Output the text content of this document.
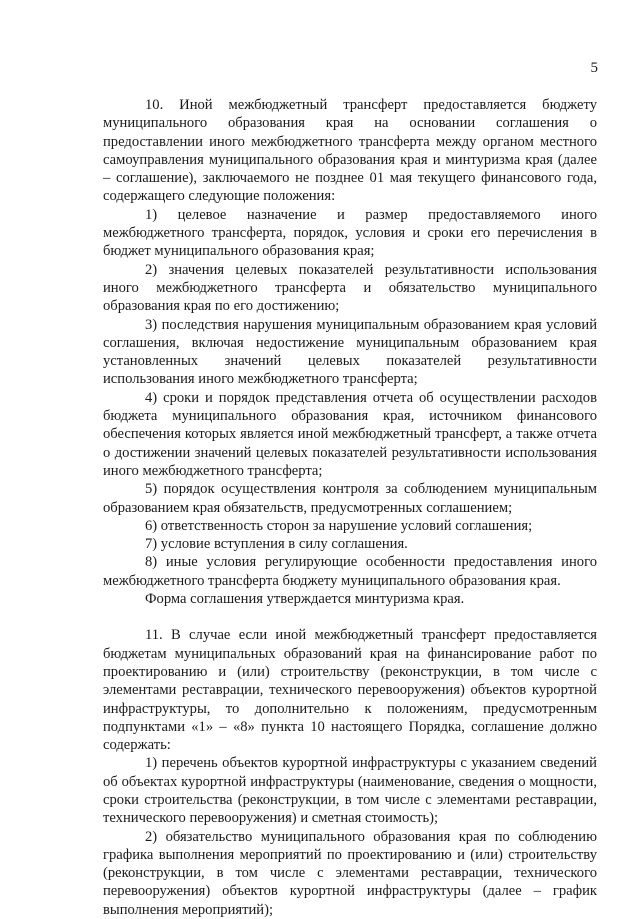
5

10. Иной межбюджетный трансферт предоставляется бюджету муниципального образования края на основании соглашения о предоставлении иного межбюджетного трансферта между органом местного самоуправления муниципального образования края и минтуризма края (далее – соглашение), заключаемого не позднее 01 мая текущего финансового года, содержащего следующие положения:

1) целевое назначение и размер предоставляемого иного межбюджетного трансферта, порядок, условия и сроки его перечисления в бюджет муниципального образования края;

2) значения целевых показателей результативности использования иного межбюджетного трансферта и обязательство муниципального образования края по его достижению;

3) последствия нарушения муниципальным образованием края условий соглашения, включая недостижение муниципальным образованием края установленных значений целевых показателей результативности использования иного межбюджетного трансферта;

4) сроки и порядок представления отчета об осуществлении расходов бюджета муниципального образования края, источником финансового обеспечения которых является иной межбюджетный трансферт, а также отчета о достижении значений целевых показателей результативности использования иного межбюджетного трансферта;

5) порядок осуществления контроля за соблюдением муниципальным образованием края обязательств, предусмотренных соглашением;

6) ответственность сторон за нарушение условий соглашения;

7) условие вступления в силу соглашения.

8) иные условия регулирующие особенности предоставления иного межбюджетного трансферта бюджету муниципального образования края.

Форма соглашения утверждается минтуризма края.

11. В случае если иной межбюджетный трансферт предоставляется бюджетам муниципальных образований края на финансирование работ по проектированию и (или) строительству (реконструкции, в том числе с элементами реставрации, технического перевооружения) объектов курортной инфраструктуры, то дополнительно к положениям, предусмотренным подпунктами «1» – «8» пункта 10 настоящего Порядка, соглашение должно содержать:

1) перечень объектов курортной инфраструктуры с указанием сведений об объектах курортной инфраструктуры (наименование, сведения о мощности, сроки строительства (реконструкции, в том числе с элементами реставрации, технического перевооружения) и сметная стоимость);

2) обязательство муниципального образования края по соблюдению графика выполнения мероприятий по проектированию и (или) строительству (реконструкции, в том числе с элементами реставрации, технического перевооружения) объектов курортной инфраструктуры (далее – график выполнения мероприятий);
